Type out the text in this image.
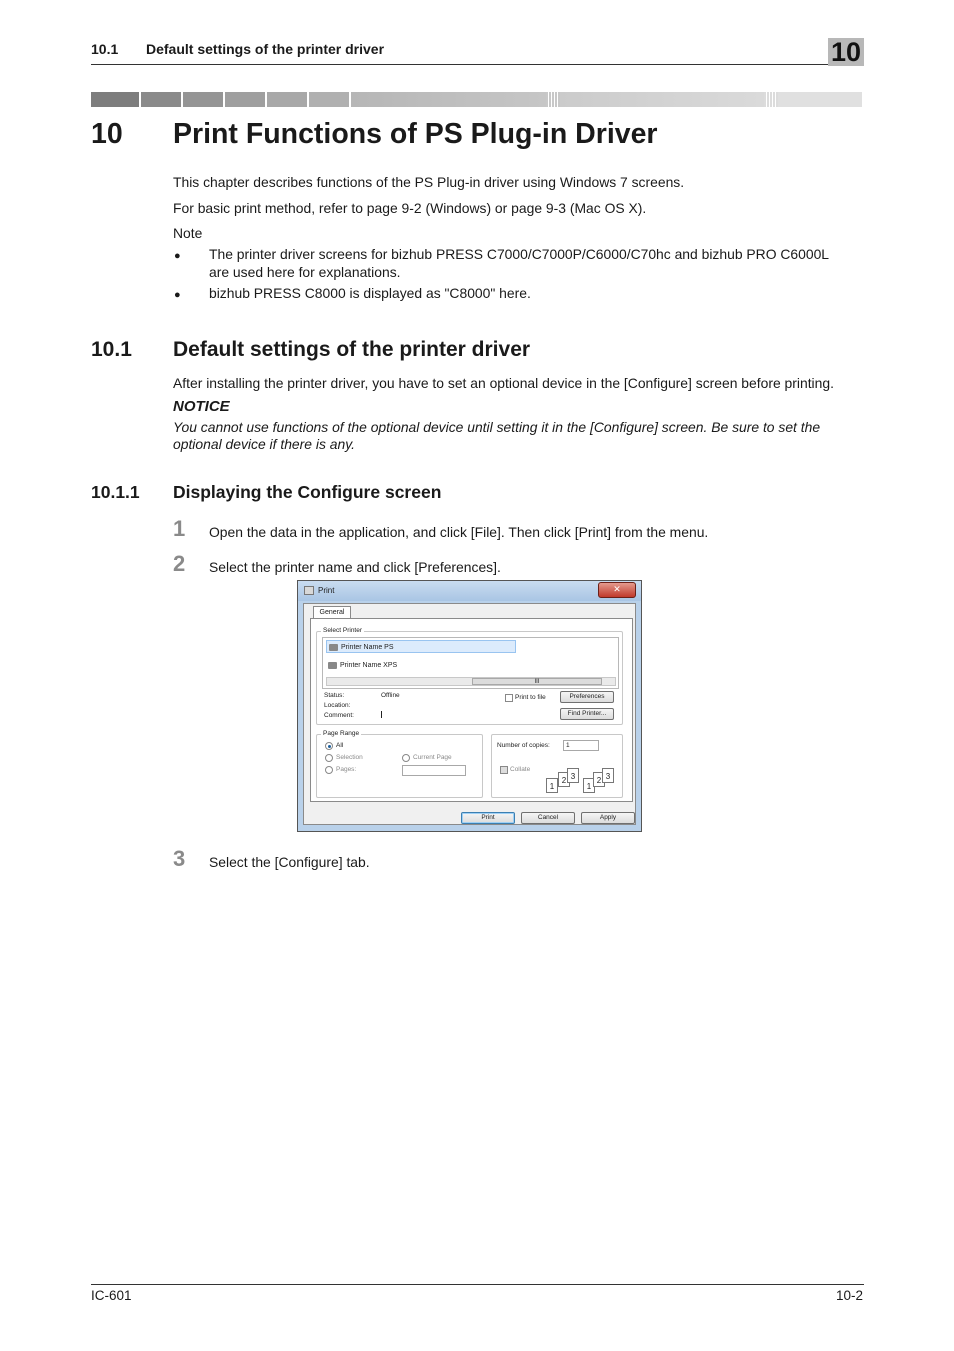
10.1 Default settings of the printer driver	10
10 Print Functions of PS Plug-in Driver
This chapter describes functions of the PS Plug-in driver using Windows 7 screens.
For basic print method, refer to page 9-2 (Windows) or page 9-3 (Mac OS X).
Note
● The printer driver screens for bizhub PRESS C7000/C7000P/C6000/C70hc and bizhub PRO C6000L
are used here for explanations.
● bizhub PRESS C8000 is displayed as "C8000" here.
10.1 Default settings of the printer driver
After installing the printer driver, you have to set an optional device in the [Configure] screen before printing.
NOTICE
You cannot use functions of the optional device until setting it in the [Configure] screen. Be sure to set the
optional device if there is any.
10.1.1 Displaying the Configure screen
1 Open the data in the application, and click [File]. Then click [Print] from the menu.
2 Select the printer name and click [Preferences].
Print	✕
General
Select Printer
Printer Name PS
Printer Name XPS
III
Status:	Offline
Location:
Comment:
Print to file	Preferences
Find Printer...
Page Range
All
Selection	Current Page
Pages:
Number of copies:	1
Collate
1
2 3
1
2 3
Print	Cancel	Apply
3 Select the [Configure] tab.
IC-601	10-2
